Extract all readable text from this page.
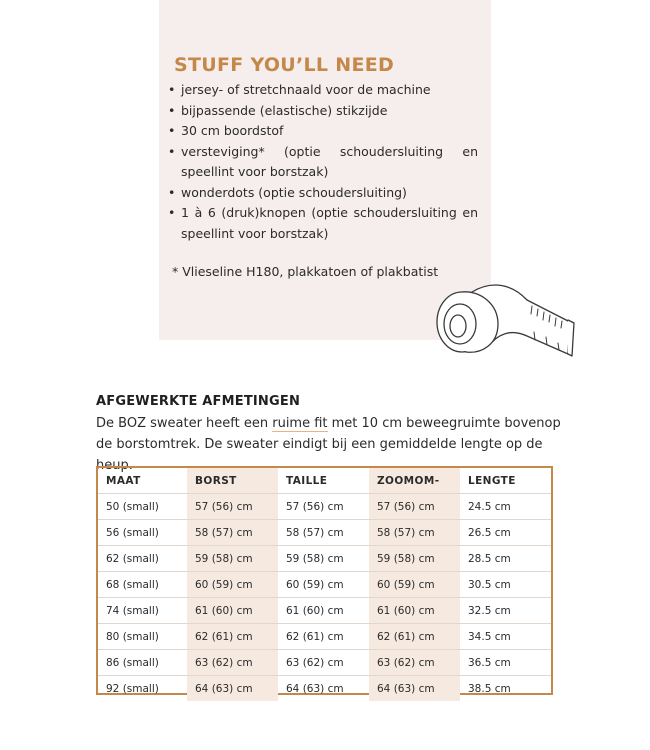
STUFF YOU’LL NEED
• jersey- of stretchnaald voor de machine
• bijpassende (elastische) stikzijde
• 30 cm boordstof
• versteviging* (optie schoudersluiting en speellint voor borstzak)
• wonderdots (optie schoudersluiting)
• 1 à 6 (druk)knopen (optie schoudersluiting en speellint voor borstzak)

* Vlieseline H180, plakkatoen of plakbatist

AFGEWERKTE AFMETINGEN

De BOZ sweater heeft een ruime fit met 10 cm beweegruimte bovenop de borstomtrek. De sweater eindigt bij een gemiddelde lengte op de heup.

MAAT	BORST	TAILLE	ZOOMOM-	LENGTE
50 (small)	57 (56) cm	57 (56) cm	57 (56) cm	24.5 cm
56 (small)	58 (57) cm	58 (57) cm	58 (57) cm	26.5 cm
62 (small)	59 (58) cm	59 (58) cm	59 (58) cm	28.5 cm
68 (small)	60 (59) cm	60 (59) cm	60 (59) cm	30.5 cm
74 (small)	61 (60) cm	61 (60) cm	61 (60) cm	32.5 cm
80 (small)	62 (61) cm	62 (61) cm	62 (61) cm	34.5 cm
86 (small)	63 (62) cm	63 (62) cm	63 (62) cm	36.5 cm
92 (small)	64 (63) cm	64 (63) cm	64 (63) cm	38.5 cm
